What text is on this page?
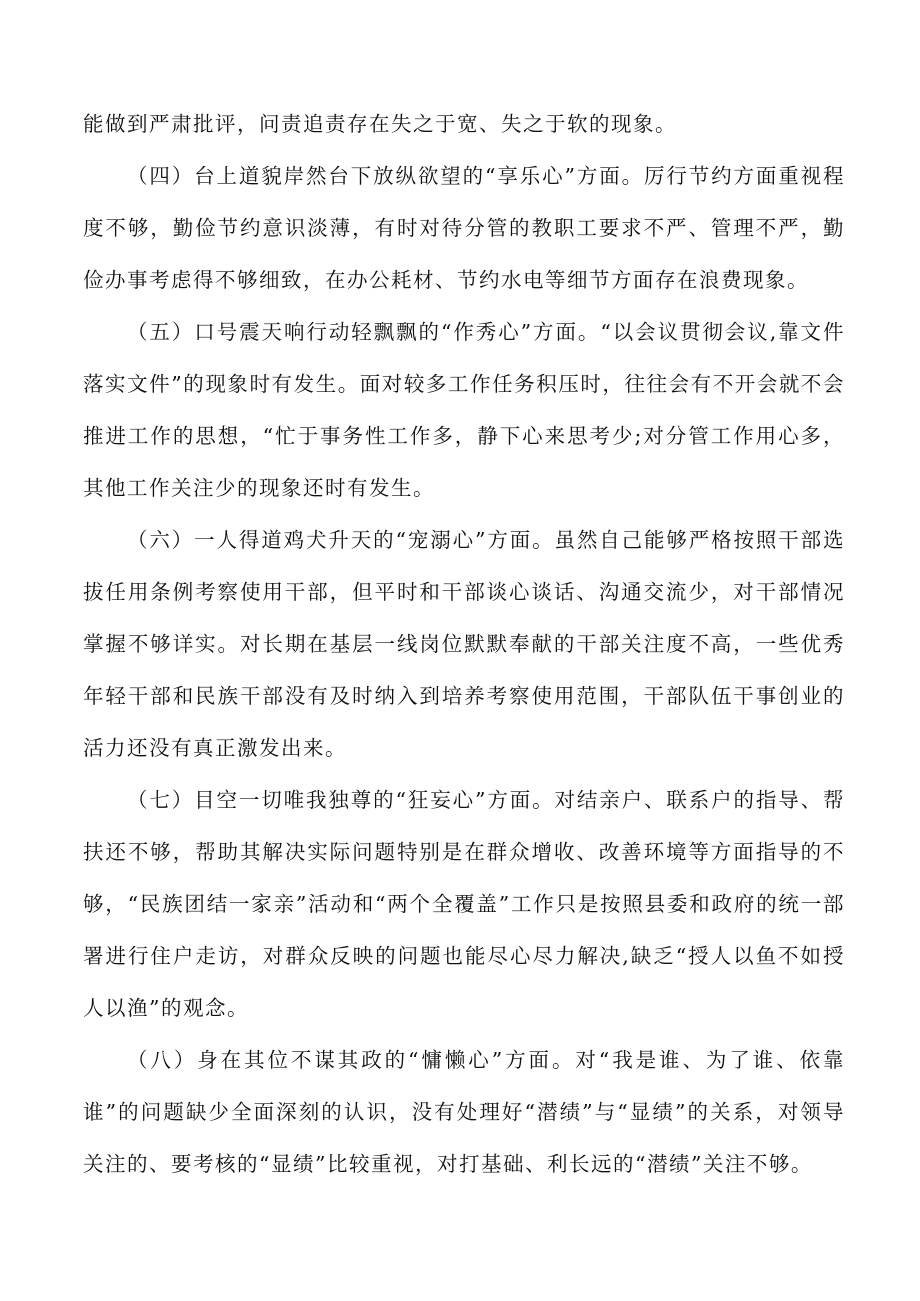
能做到严肃批评，问责追责存在失之于宽、失之于软的现象。

（四）台上道貌岸然台下放纵欲望的“享乐心”方面。厉行节约方面重视程度不够，勤俭节约意识淡薄，有时对待分管的教职工要求不严、管理不严，勤俭办事考虑得不够细致，在办公耗材、节约水电等细节方面存在浪费现象。

（五）口号震天响行动轻飘飘的“作秀心”方面。“以会议贯彻会议,靠文件落实文件”的现象时有发生。面对较多工作任务积压时，往往会有不开会就不会推进工作的思想，“忙于事务性工作多，静下心来思考少;对分管工作用心多，其他工作关注少的现象还时有发生。

（六）一人得道鸡犬升天的“宠溺心”方面。虽然自己能够严格按照干部选拔任用条例考察使用干部，但平时和干部谈心谈话、沟通交流少，对干部情况掌握不够详实。对长期在基层一线岗位默默奉献的干部关注度不高，一些优秀年轻干部和民族干部没有及时纳入到培养考察使用范围，干部队伍干事创业的活力还没有真正激发出来。

（七）目空一切唯我独尊的“狂妄心”方面。对结亲户、联系户的指导、帮扶还不够，帮助其解决实际问题特别是在群众增收、改善环境等方面指导的不够，“民族团结一家亲”活动和“两个全覆盖”工作只是按照县委和政府的统一部署进行住户走访，对群众反映的问题也能尽心尽力解决,缺乏“授人以鱼不如授人以渔”的观念。

（八）身在其位不谋其政的“慵懒心”方面。对“我是谁、为了谁、依靠谁”的问题缺少全面深刻的认识，没有处理好“潜绩”与“显绩”的关系，对领导关注的、要考核的“显绩”比较重视，对打基础、利长远的“潜绩”关注不够。
